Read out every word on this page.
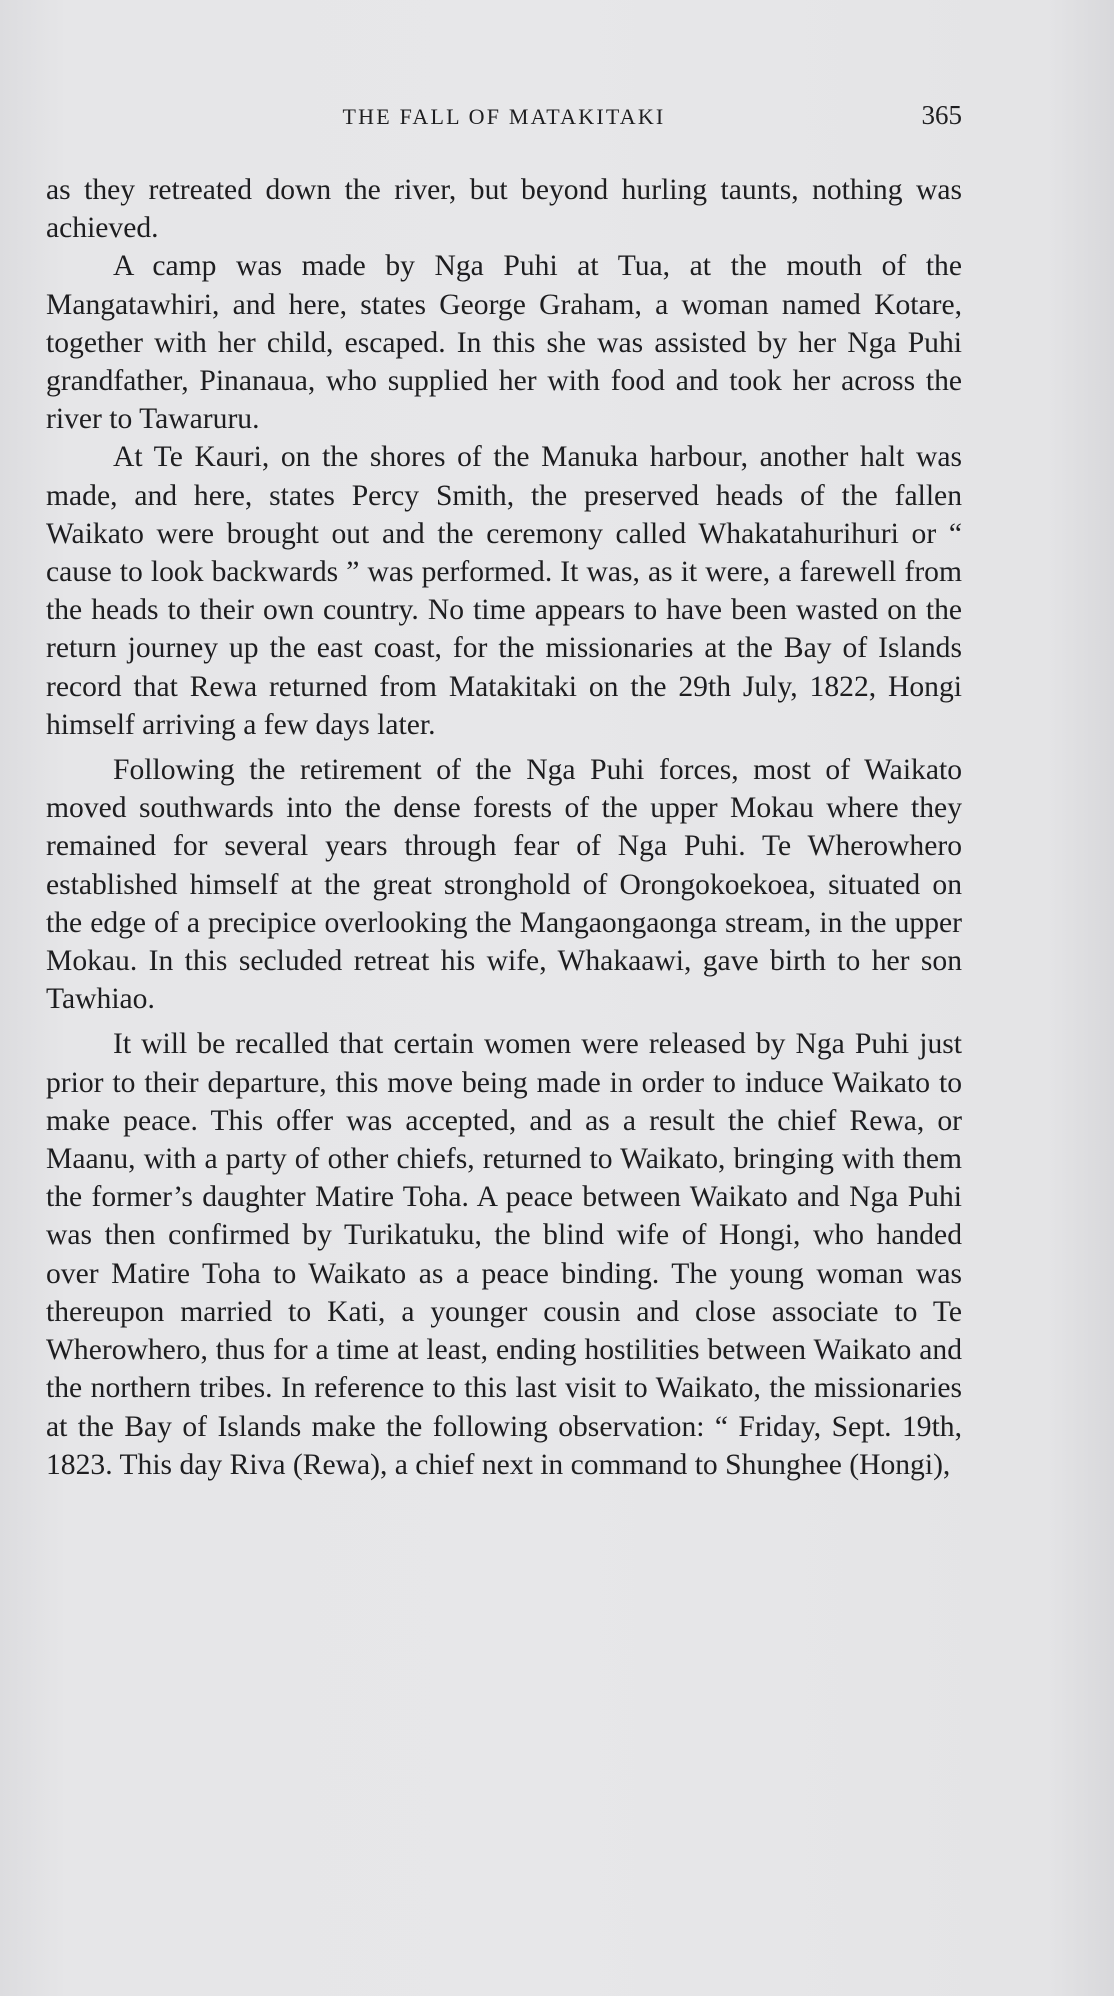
THE FALL OF MATAKITAKI	365

as they retreated down the river, but beyond hurling taunts, nothing was achieved.

A camp was made by Nga Puhi at Tua, at the mouth of the Mangatawhiri, and here, states George Graham, a woman named Kotare, together with her child, escaped. In this she was assisted by her Nga Puhi grandfather, Pinanaua, who supplied her with food and took her across the river to Tawaruru.

At Te Kauri, on the shores of the Manuka harbour, another halt was made, and here, states Percy Smith, the preserved heads of the fallen Waikato were brought out and the ceremony called Whakatahurihuri or “ cause to look backwards ” was performed. It was, as it were, a farewell from the heads to their own country. No time appears to have been wasted on the return journey up the east coast, for the missionaries at the Bay of Islands record that Rewa returned from Matakitaki on the 29th July, 1822, Hongi himself arriving a few days later.

Following the retirement of the Nga Puhi forces, most of Waikato moved southwards into the dense forests of the upper Mokau where they remained for several years through fear of Nga Puhi. Te Wherowhero established himself at the great stronghold of Orongokoekoea, situated on the edge of a precipice overlooking the Mangaongaonga stream, in the upper Mokau. In this secluded retreat his wife, Whakaawi, gave birth to her son Tawhiao.

It will be recalled that certain women were released by Nga Puhi just prior to their departure, this move being made in order to induce Waikato to make peace. This offer was accepted, and as a result the chief Rewa, or Maanu, with a party of other chiefs, returned to Waikato, bringing with them the former’s daughter Matire Toha. A peace between Waikato and Nga Puhi was then confirmed by Turikatuku, the blind wife of Hongi, who handed over Matire Toha to Waikato as a peace binding. The young woman was thereupon married to Kati, a younger cousin and close associate to Te Wherowhero, thus for a time at least, ending hostilities between Waikato and the northern tribes. In reference to this last visit to Waikato, the missionaries at the Bay of Islands make the following observation: “ Friday, Sept. 19th, 1823. This day Riva (Rewa), a chief next in command to Shunghee (Hongi),
